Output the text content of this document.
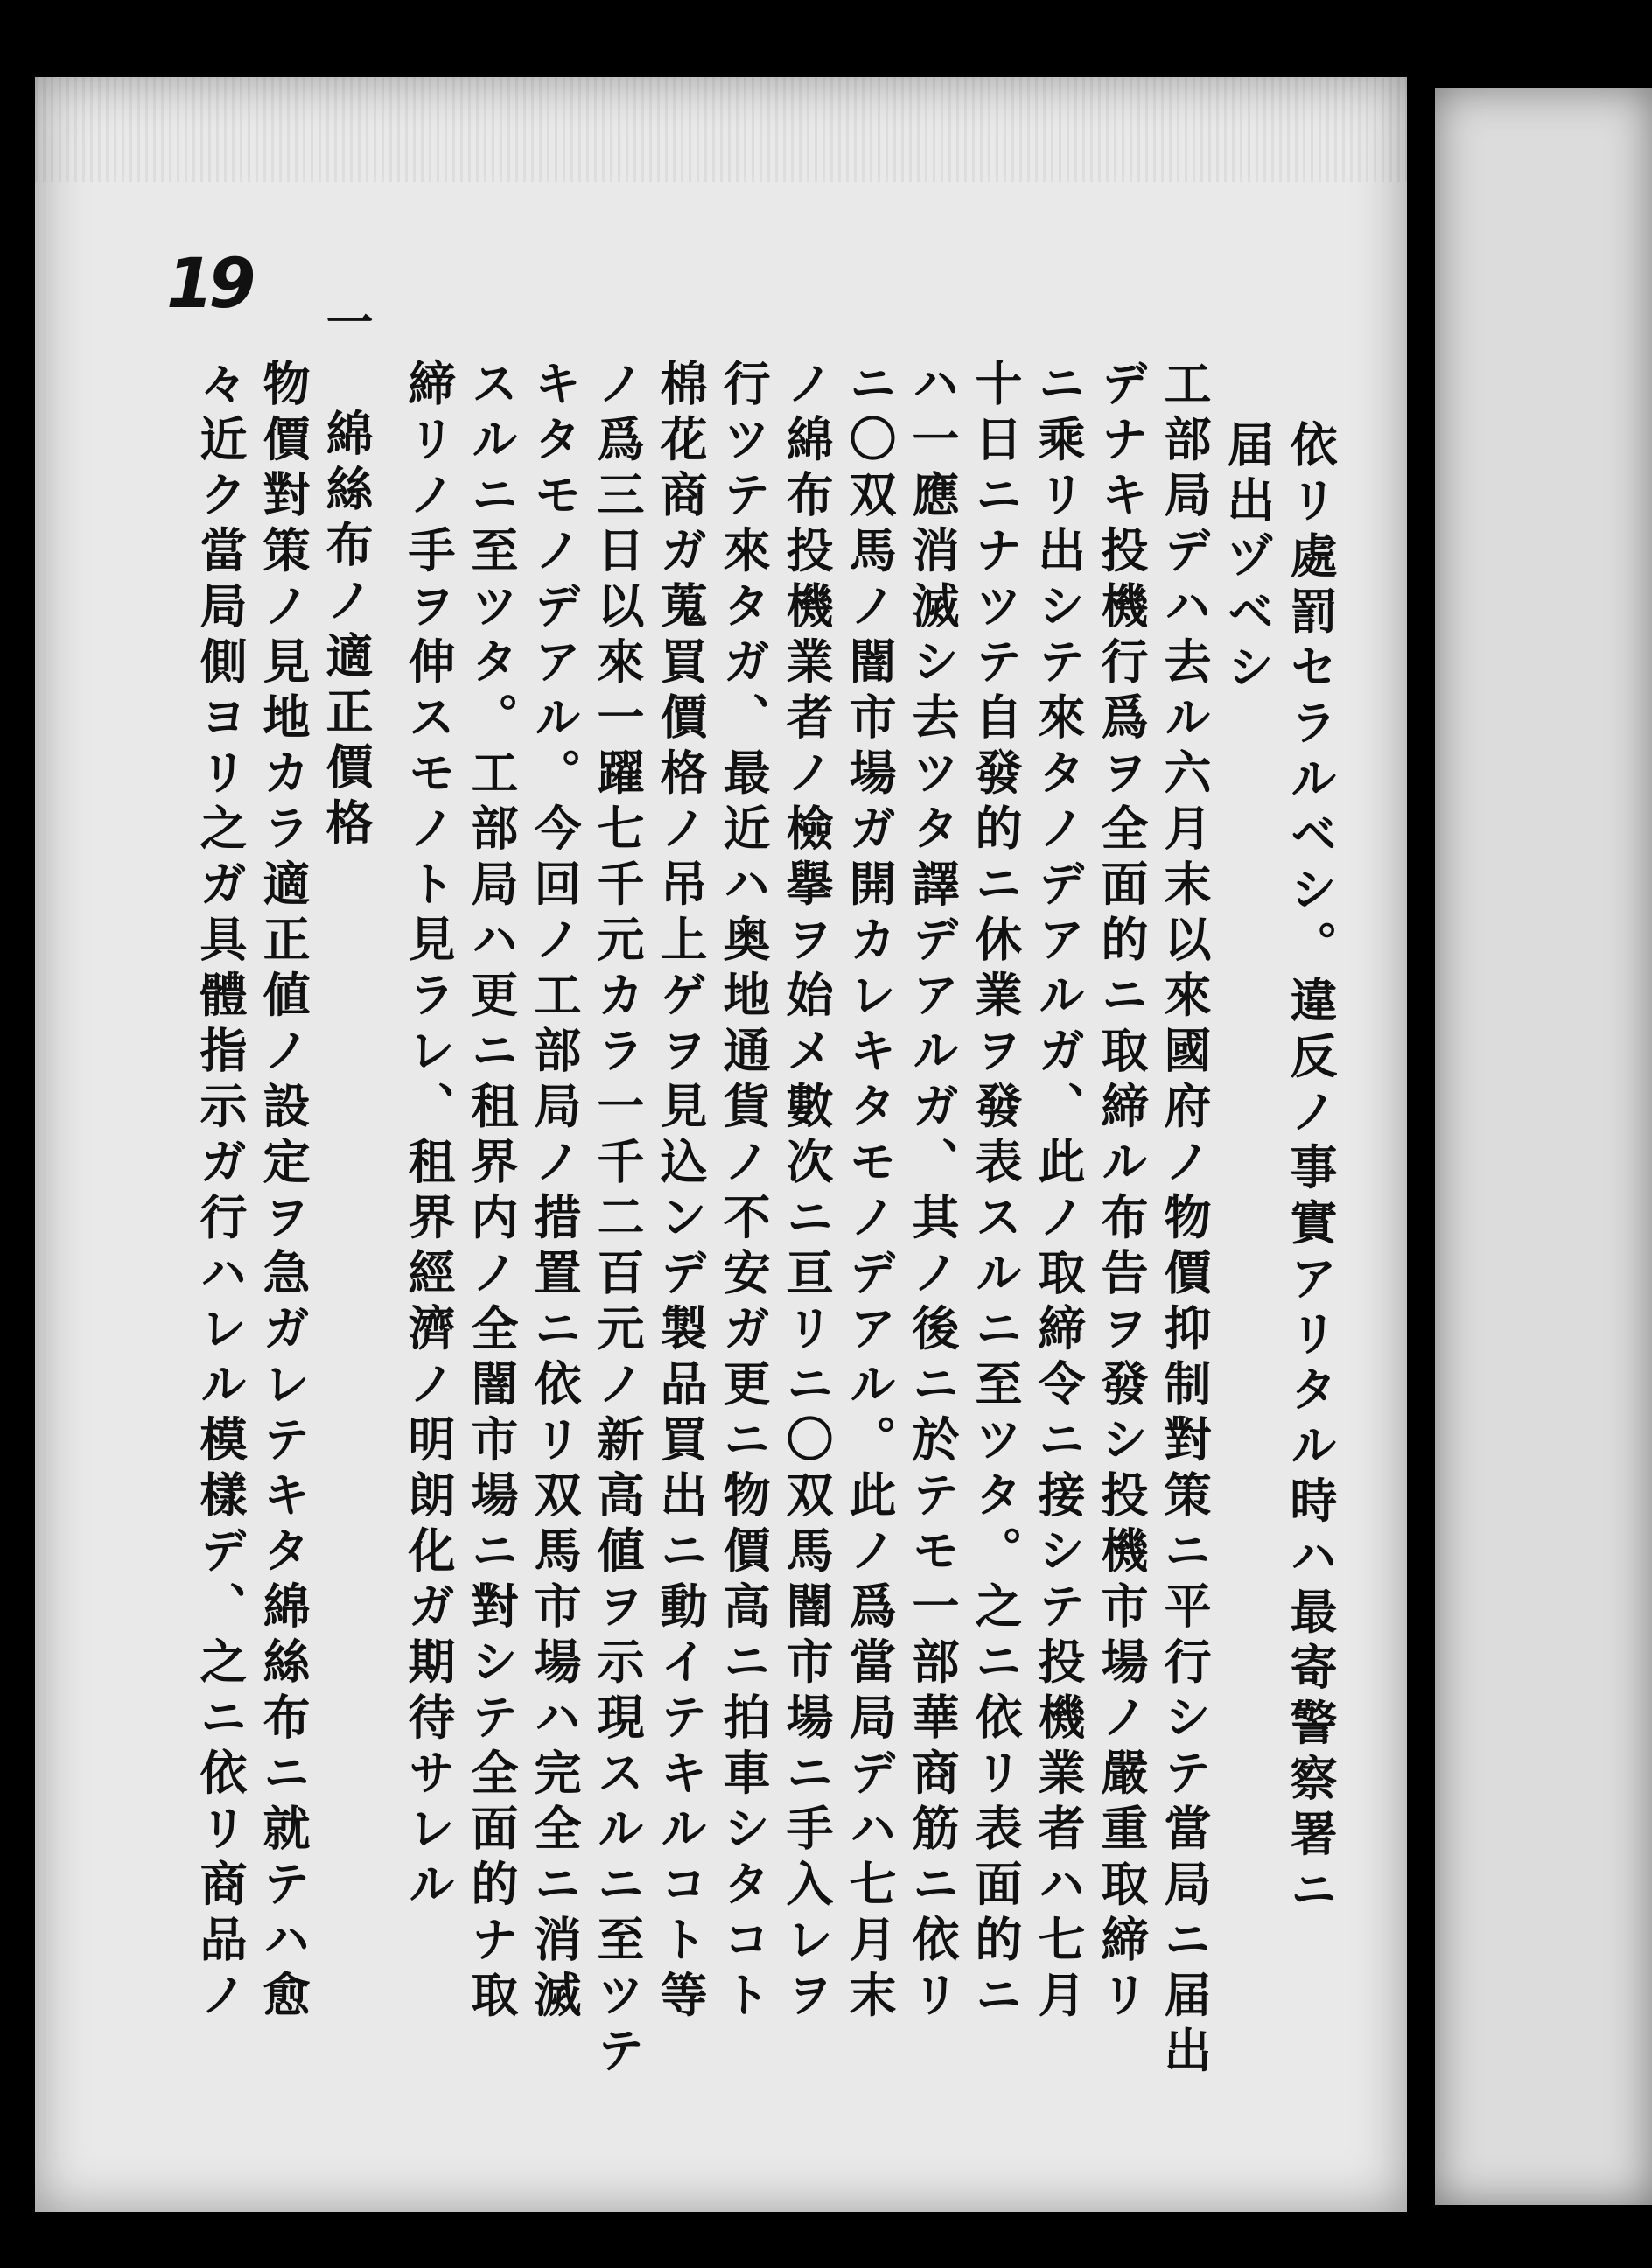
19
依リ處罰セラルベシ。違反ノ事實アリタル時ハ最寄警察署ニ
届出ヅベシ
工部局デハ去ル六月末以來國府ノ物價抑制對策ニ平行シテ當局ニ届出
デナキ投機行爲ヲ全面的ニ取締ル布告ヲ發シ投機市場ノ嚴重取締リ
ニ乘リ出シテ來タノデアルガ、此ノ取締令ニ接シテ投機業者ハ七月
十日ニナツテ自發的ニ休業ヲ發表スルニ至ツタ。之ニ依リ表面的ニ
ハ一應消滅シ去ツタ譯デアルガ、其ノ後ニ於テモ一部華商筋ニ依リ
ニ〇双馬ノ闇市場ガ開カレキタモノデアル。此ノ爲當局デハ七月末
ノ綿布投機業者ノ檢擧ヲ始メ數次ニ亘リニ〇双馬闇市場ニ手入レヲ
行ツテ來タガ、最近ハ奥地通貨ノ不安ガ更ニ物價高ニ拍車シタコト
棉花商ガ蒐買價格ノ吊上ゲヲ見込ンデ製品買出ニ動イテキルコト等
ノ爲三日以來一躍七千元カラ一千二百元ノ新高値ヲ示現スルニ至ツテ
キタモノデアル。今回ノ工部局ノ措置ニ依リ双馬市場ハ完全ニ消滅
スルニ至ツタ。工部局ハ更ニ租界内ノ全闇市場ニ對シテ全面的ナ取
締リノ手ヲ伸スモノト見ラレ、租界經濟ノ明朗化ガ期待サレル
一　綿絲布ノ適正價格
物價對策ノ見地カラ適正値ノ設定ヲ急ガレテキタ綿絲布ニ就テハ愈
々近ク當局側ヨリ之ガ具體指示ガ行ハレル模樣デ、之ニ依リ商品ノ
